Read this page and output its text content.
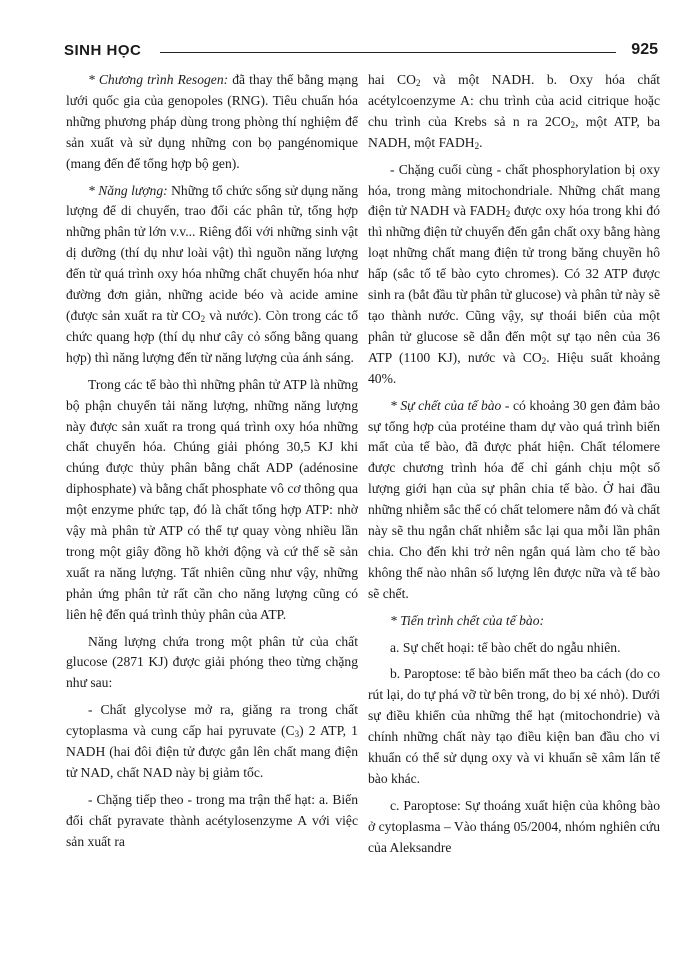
SINH HỌC	925

* Chương trình Resogen: đã thay thế bằng mạng lưới quốc gia của genopoles (RNG). Tiêu chuẩn hóa những phương pháp dùng trong phòng thí nghiệm để sản xuất và sử dụng những con bọ pangénomique (mang đến để tổng hợp bộ gen).

* Năng lượng: Những tổ chức sống sử dụng năng lượng để di chuyển, trao đổi các phân tử, tổng hợp những phân tử lớn v.v... Riêng đối với những sinh vật dị dưỡng (thí dụ như loài vật) thì nguồn năng lượng đến từ quá trình oxy hóa những chất chuyển hóa như đường đơn giản, những acide béo và acide amine (được sản xuất ra từ $CO_2$ và nước). Còn trong các tổ chức quang hợp (thí dụ như cây cỏ sống bằng quang hợp) thì năng lượng đến từ năng lượng của ánh sáng.

Trong các tế bào thì những phân tử ATP là những bộ phận chuyển tải năng lượng, những năng lượng này được sản xuất ra trong quá trình oxy hóa những chất chuyển hóa. Chúng giải phóng 30,5 KJ khi chúng được thủy phân bằng chất ADP (adénosine diphosphate) và bằng chất phosphate vô cơ thông qua một enzyme phức tạp, đó là chất tổng hợp ATP: nhờ vậy mà phân tử ATP có thể tự quay vòng nhiều lần trong một giây đồng hồ khởi động và cứ thế sẽ sản xuất ra năng lượng. Tất nhiên cũng như vậy, những phản ứng phân tử rất cần cho năng lượng cũng có liên hệ đến quá trình thủy phân của ATP.

Năng lượng chứa trong một phân tử của chất glucose (2871 KJ) được giải phóng theo từng chặng như sau:

- Chất glycolyse mở ra, giăng ra trong chất cytoplasma và cung cấp hai pyruvate $(C_3)$ 2 ATP, 1 NADH (hai đôi điện tử được gắn lên chất mang điện tử NAD, chất NAD này bị giảm tốc.

- Chặng tiếp theo - trong ma trận thể hạt: a. Biến đổi chất pyravate thành acétylosenzyme A với việc sản xuất ra

hai $CO_2$ và một NADH. b. Oxy hóa chất acétylcoenzyme A: chu trình của acid citrique hoặc chu trình của Krebs sả n ra $2CO_2$, một ATP, ba NADH, một $FADH_2$.

- Chặng cuối cùng - chất phosphorylation bị oxy hóa, trong màng mitochondriale. Những chất mang điện tử NADH và $FADH_2$ được oxy hóa trong khi đó thì những điện tử chuyển đến gắn chất oxy bằng hàng loạt những chất mang điện tử trong băng chuyền hô hấp (sắc tố tế bào cyto chromes). Có 32 ATP được sinh ra (bắt đầu từ phân tử glucose) và phân tử này sẽ tạo thành nước. Cũng vậy, sự thoái biến của một phân tử glucose sẽ dẫn đến một sự tạo nên của 36 ATP (1100 KJ), nước và $CO_2$. Hiệu suất khoảng 40%.

* Sự chết của tế bào - có khoảng 30 gen đảm bảo sự tổng hợp của protéine tham dự vào quá trình biến mất của tế bào, đã được phát hiện. Chất télomere được chương trình hóa để chỉ gánh chịu một số lượng giới hạn của sự phân chia tế bào. Ở hai đầu những nhiễm sắc thể có chất telomere nằm đó và chất này sẽ thu ngắn chất nhiễm sắc lại qua mỗi lần phân chia. Cho đến khi trở nên ngắn quá làm cho tế bào không thể nào nhân số lượng lên được nữa và tế bào sẽ chết.

* Tiến trình chết của tế bào:

a. Sự chết hoại: tế bào chết do ngẫu nhiên.

b. Paroptose: tế bào biến mất theo ba cách (do co rút lại, do tự phá vỡ từ bên trong, do bị xé nhỏ). Dưới sự điều khiển của những thể hạt (mitochondrie) và chính những chất này tạo điều kiện ban đầu cho vi khuẩn có thể sử dụng oxy và vi khuẩn sẽ xâm lấn tế bào khác.

c. Paroptose: Sự thoáng xuất hiện của không bào ở cytoplasma – Vào tháng 05/2004, nhóm nghiên cứu của Aleksandre
